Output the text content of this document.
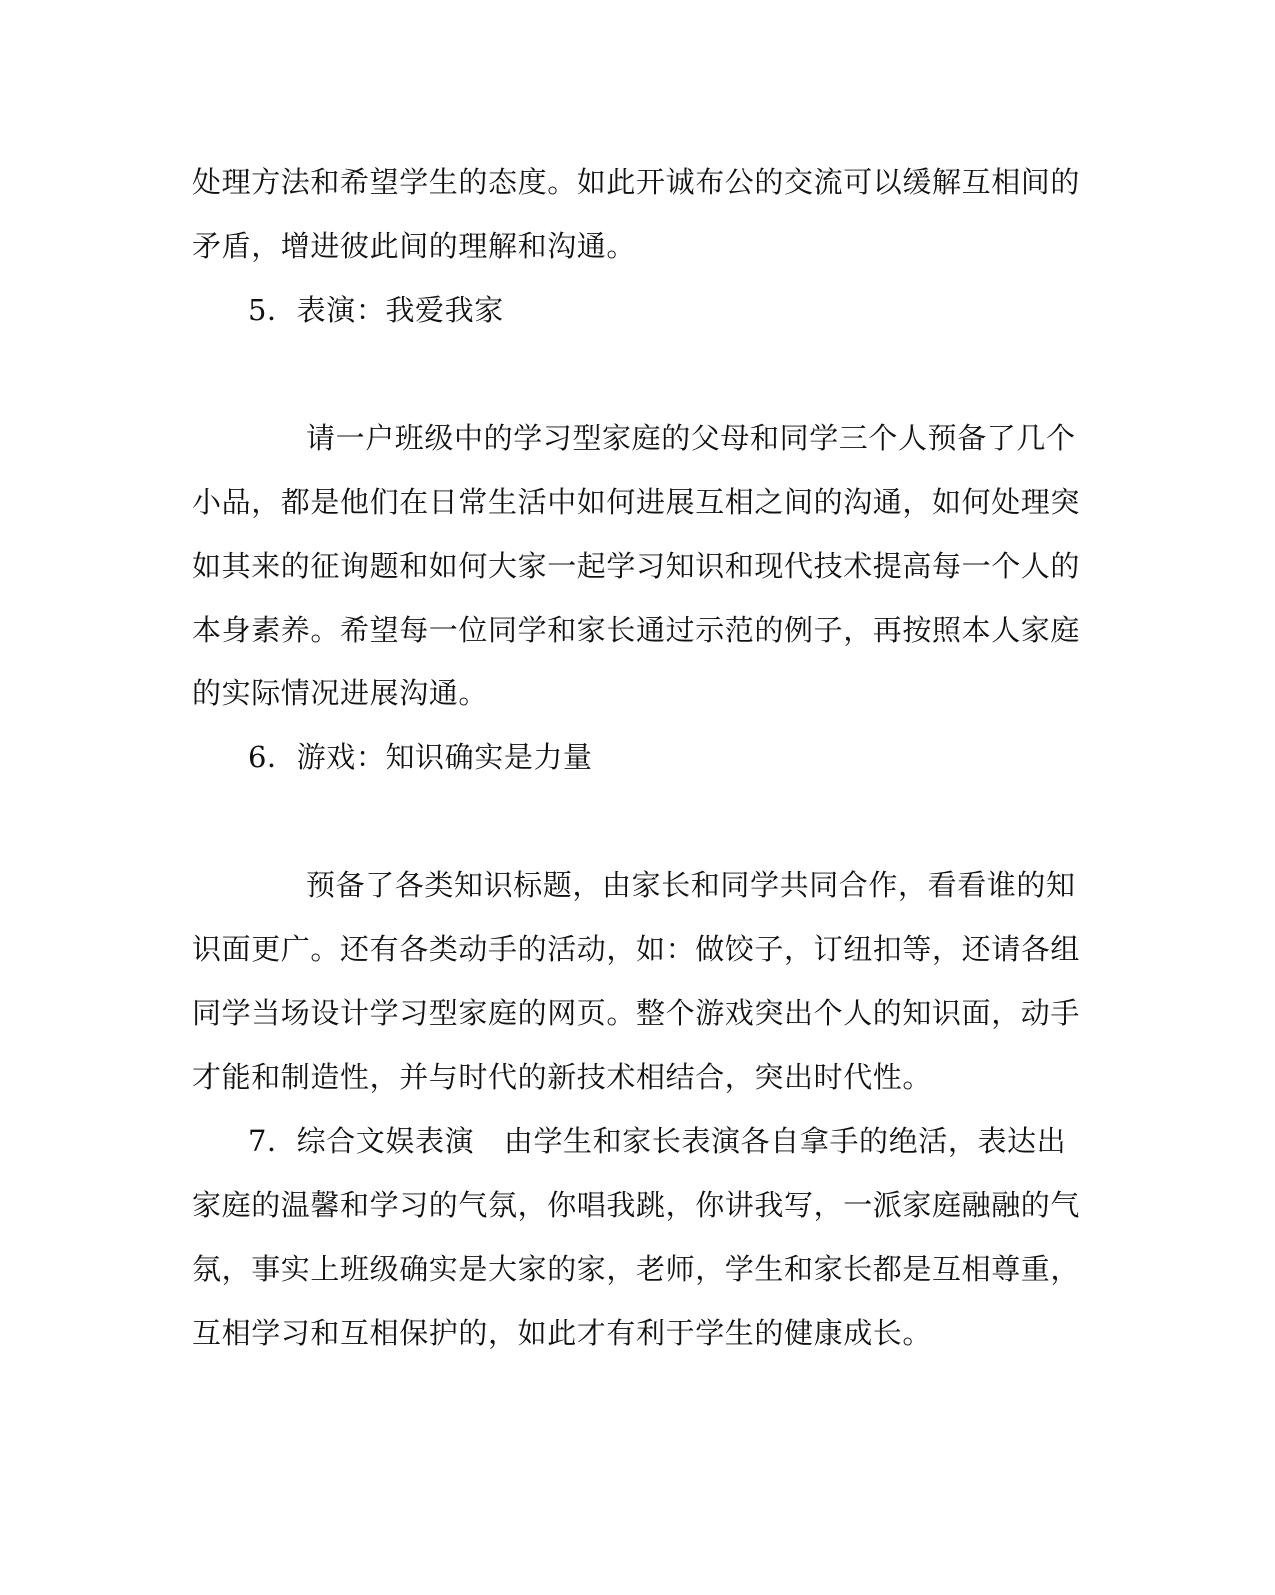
处理方法和希望学生的态度。如此开诚布公的交流可以缓解互相间的

矛盾，增进彼此间的理解和沟通。

5．表演：我爱我家

请一户班级中的学习型家庭的父母和同学三个人预备了几个

小品，都是他们在日常生活中如何进展互相之间的沟通，如何处理突

如其来的征询题和如何大家一起学习知识和现代技术提高每一个人的

本身素养。希望每一位同学和家长通过示范的例子，再按照本人家庭

的实际情况进展沟通。

6．游戏：知识确实是力量

预备了各类知识标题，由家长和同学共同合作，看看谁的知

识面更广。还有各类动手的活动，如：做饺子，订纽扣等，还请各组

同学当场设计学习型家庭的网页。整个游戏突出个人的知识面，动手

才能和制造性，并与时代的新技术相结合，突出时代性。

7．综合文娱表演　由学生和家长表演各自拿手的绝活，表达出

家庭的温馨和学习的气氛，你唱我跳，你讲我写，一派家庭融融的气

氛，事实上班级确实是大家的家，老师，学生和家长都是互相尊重，

互相学习和互相保护的，如此才有利于学生的健康成长。
